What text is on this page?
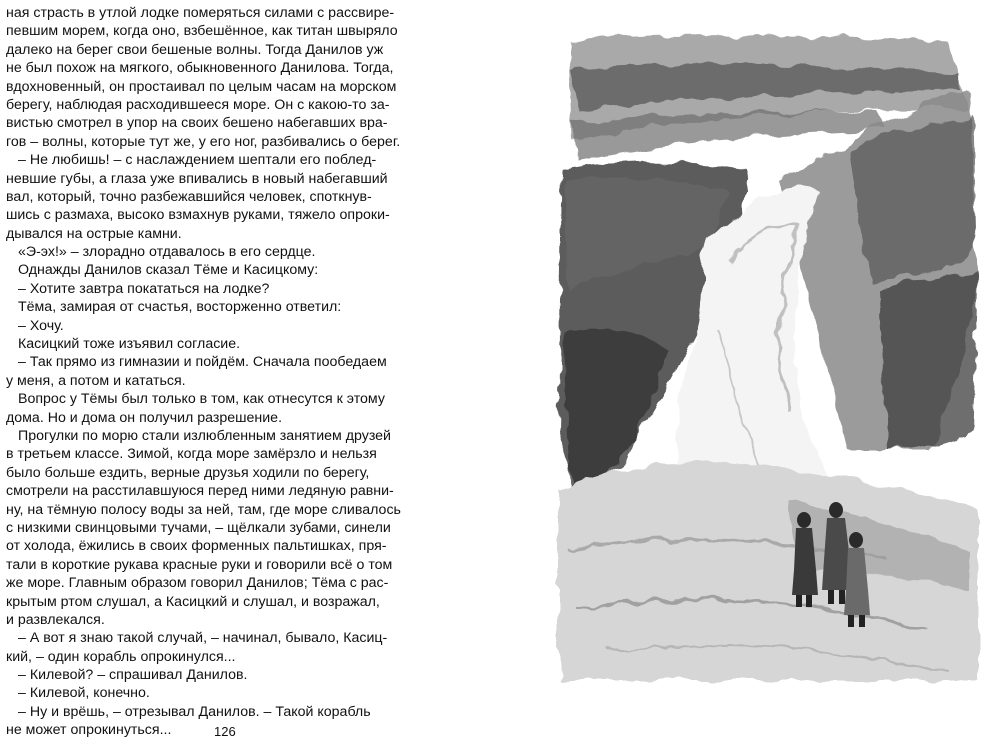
ная страсть в утлой лодке померяться силами с рассвире-
певшим морем, когда оно, взбешённое, как титан швыряло
далеко на берег свои бешеные волны. Тогда Данилов уж
не был похож на мягкого, обыкновенного Данилова. Тогда,
вдохновенный, он простаивал по целым часам на морском
берегу, наблюдая расходившееся море. Он с какою-то за-
вистью смотрел в упор на своих бешено набегавших вра-
гов – волны, которые тут же, у его ног, разбивались о берег.
– Не любишь! – с наслаждением шептали его поблед-
невшие губы, а глаза уже впивались в новый набегавший
вал, который, точно разбежавшийся человек, споткнув-
шись с размаха, высоко взмахнув руками, тяжело опроки-
дывался на острые камни.
«Э-эх!» – злорадно отдавалось в его сердце.
Однажды Данилов сказал Тёме и Касицкому:
– Хотите завтра покататься на лодке?
Тёма, замирая от счастья, восторженно ответил:
– Хочу.
Касицкий тоже изъявил согласие.
– Так прямо из гимназии и пойдём. Сначала пообедаем
у меня, а потом и кататься.
Вопрос у Тёмы был только в том, как отнесутся к этому
дома. Но и дома он получил разрешение.
Прогулки по морю стали излюбленным занятием друзей
в третьем классе. Зимой, когда море замёрзло и нельзя
было больше ездить, верные друзья ходили по берегу,
смотрели на расстилавшуюся перед ними ледяную равни-
ну, на тёмную полосу воды за ней, там, где море сливалось
с низкими свинцовыми тучами, – щёлкали зубами, синели
от холода, ёжились в своих форменных пальтишках, пря-
тали в короткие рукава красные руки и говорили всё о том
же море. Главным образом говорил Данилов; Тёма с рас-
крытым ртом слушал, а Касицкий и слушал, и возражал,
и развлекался.
– А вот я знаю такой случай, – начинал, бывало, Касиц-
кий, – один корабль опрокинулся...
– Килевой? – спрашивал Данилов.
– Килевой, конечно.
– Ну и врёшь, – отрезывал Данилов. – Такой корабль
не может опрокинуться...	126
